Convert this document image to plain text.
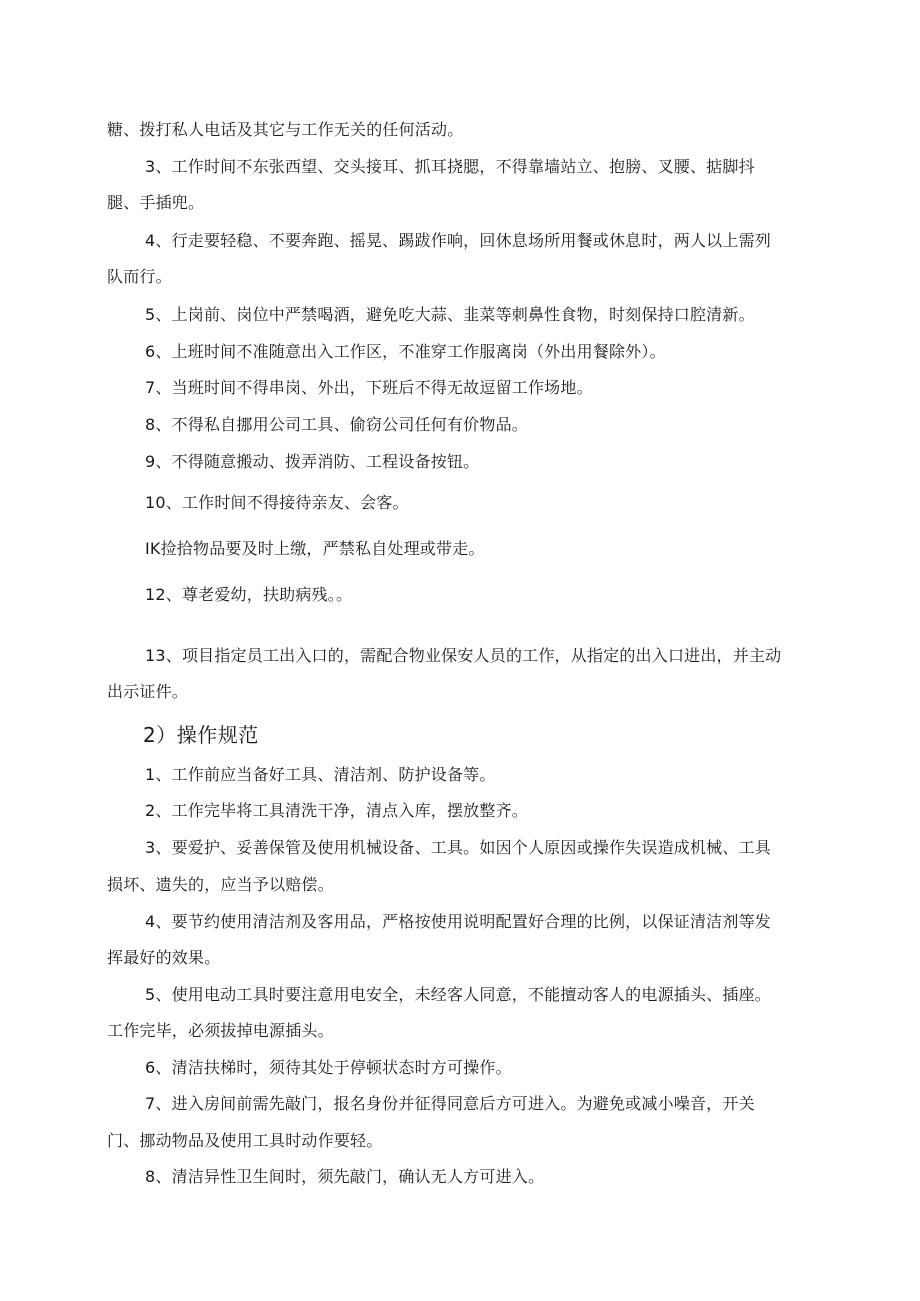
糖、拨打私人电话及其它与工作无关的任何活动。
3、工作时间不东张西望、交头接耳、抓耳挠腮，不得靠墙站立、抱膀、叉腰、掂脚抖
腿、手插兜。
4、行走要轻稳、不要奔跑、摇晃、踢跋作响，回休息场所用餐或休息时，两人以上需列
队而行。
5、上岗前、岗位中严禁喝酒，避免吃大蒜、韭菜等刺鼻性食物，时刻保持口腔清新。
6、上班时间不准随意出入工作区，不准穿工作服离岗（外出用餐除外）。
7、当班时间不得串岗、外出，下班后不得无故逗留工作场地。
8、不得私自挪用公司工具、偷窃公司任何有价物品。
9、不得随意搬动、拨弄消防、工程设备按钮。
10、工作时间不得接待亲友、会客。
IK捡拾物品要及时上缴，严禁私自处理或带走。
12、尊老爱幼，扶助病残。。
13、项目指定员工出入口的，需配合物业保安人员的工作，从指定的出入口进出，并主动
出示证件。
2）操作规范
1、工作前应当备好工具、清洁剂、防护设备等。
2、工作完毕将工具清洗干净，清点入库，摆放整齐。
3、要爱护、妥善保管及使用机械设备、工具。如因个人原因或操作失误造成机械、工具
损坏、遗失的，应当予以赔偿。
4、要节约使用清洁剂及客用品，严格按使用说明配置好合理的比例，以保证清洁剂等发
挥最好的效果。
5、使用电动工具时要注意用电安全，未经客人同意，不能擅动客人的电源插头、插座。
工作完毕，必须拔掉电源插头。
6、清洁扶梯时，须待其处于停顿状态时方可操作。
7、进入房间前需先敲门，报名身份并征得同意后方可进入。为避免或减小噪音，开关
门、挪动物品及使用工具时动作要轻。
8、清洁异性卫生间时，须先敲门，确认无人方可进入。
